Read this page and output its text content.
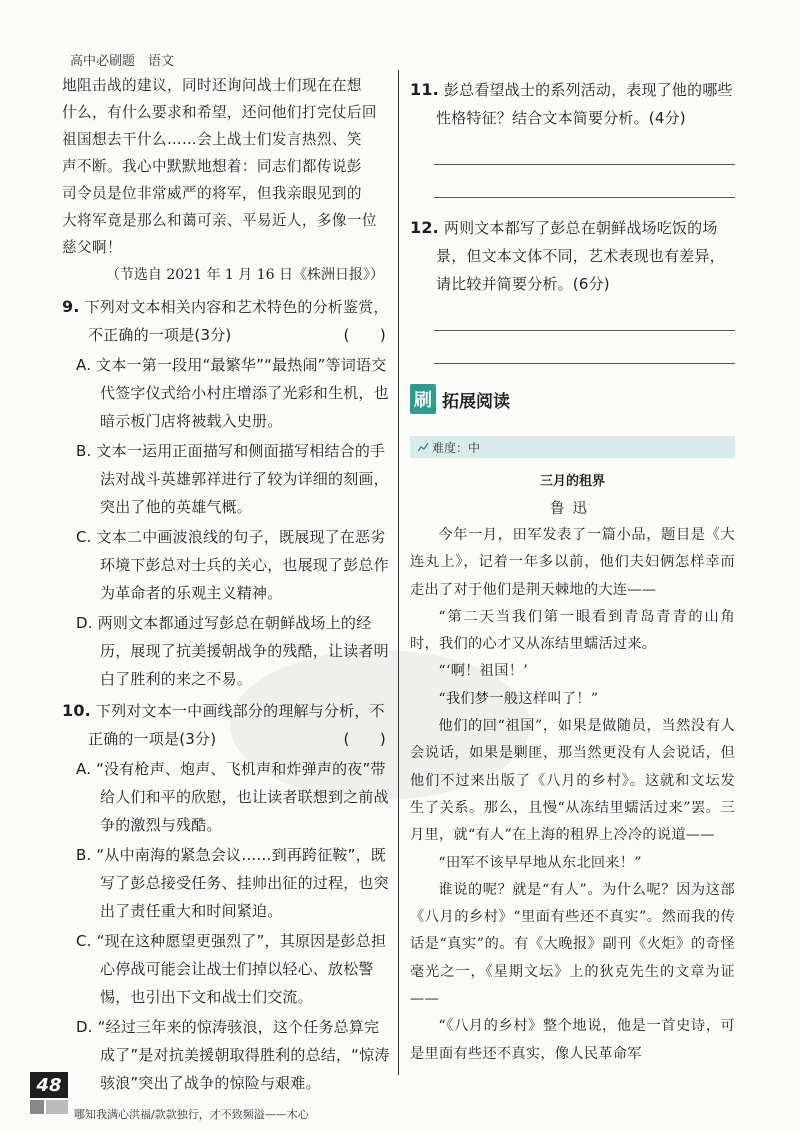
高中必刷题　语文
地阻击战的建议，同时还询问战士们现在在想
什么，有什么要求和希望，还问他们打完仗后回
祖国想去干什么……会上战士们发言热烈、笑
声不断。我心中默默地想着：同志们都传说彭
司令员是位非常威严的将军，但我亲眼见到的
大将军竟是那么和蔼可亲、平易近人，多像一位
慈父啊！
（节选自 2021 年 1 月 16 日《株洲日报》）
9. 下列对文本相关内容和艺术特色的分析鉴赏，不正确的一项是(3分)	(　　)
A. 文本一第一段用“最繁华”“最热闹”等词语交代签字仪式给小村庄增添了光彩和生机，也暗示板门店将被载入史册。
B. 文本一运用正面描写和侧面描写相结合的手法对战斗英雄郭祥进行了较为详细的刻画，突出了他的英雄气概。
C. 文本二中画波浪线的句子，既展现了在恶劣环境下彭总对士兵的关心，也展现了彭总作为革命者的乐观主义精神。
D. 两则文本都通过写彭总在朝鲜战场上的经历，展现了抗美援朝战争的残酷，让读者明白了胜利的来之不易。
10. 下列对文本一中画线部分的理解与分析，不正确的一项是(3分)	(　　)
A. “没有枪声、炮声、飞机声和炸弹声的夜”带给人们和平的欣慰，也让读者联想到之前战争的激烈与残酷。
B. “从中南海的紧急会议……到再跨征鞍”，既写了彭总接受任务、挂帅出征的过程，也突出了责任重大和时间紧迫。
C. “现在这种愿望更强烈了”，其原因是彭总担心停战可能会让战士们掉以轻心、放松警惕，也引出下文和战士们交流。
D. “经过三年来的惊涛骇浪，这个任务总算完成了”是对抗美援朝取得胜利的总结，“惊涛骇浪”突出了战争的惊险与艰难。
11. 彭总看望战士的系列活动，表现了他的哪些性格特征？结合文本简要分析。(4分)
12. 两则文本都写了彭总在朝鲜战场吃饭的场景，但文本文体不同，艺术表现也有差异，请比较并简要分析。(6分)
刷 拓展阅读
难度：中
三月的租界
鲁迅
今年一月，田军发表了一篇小品，题目是《大连丸上》，记着一年多以前，他们夫妇俩怎样幸而走出了对于他们是荆天棘地的大连——
“第二天当我们第一眼看到青岛青青的山角时，我们的心才又从冻结里蠕活过来。
“‘啊！祖国！’
“我们梦一般这样叫了！”
他们的回“祖国”，如果是做随员，当然没有人会说话，如果是剿匪，那当然更没有人会说话，但他们不过来出版了《八月的乡村》。这就和文坛发生了关系。那么，且慢“从冻结里蠕活过来”罢。三月里，就“有人”在上海的租界上冷冷的说道——
“田军不该早早地从东北回来！”
谁说的呢？就是“有人”。为什么呢？因为这部《八月的乡村》“里面有些还不真实”。然而我的传话是“真实”的。有《大晚报》副刊《火炬》的奇怪毫光之一，《星期文坛》上的狄克先生的文章为证——
“《八月的乡村》整个地说，他是一首史诗，可是里面有些还不真实，像人民革命军
48
哪知我满心洪福/款款独行，才不致频溢——木心
